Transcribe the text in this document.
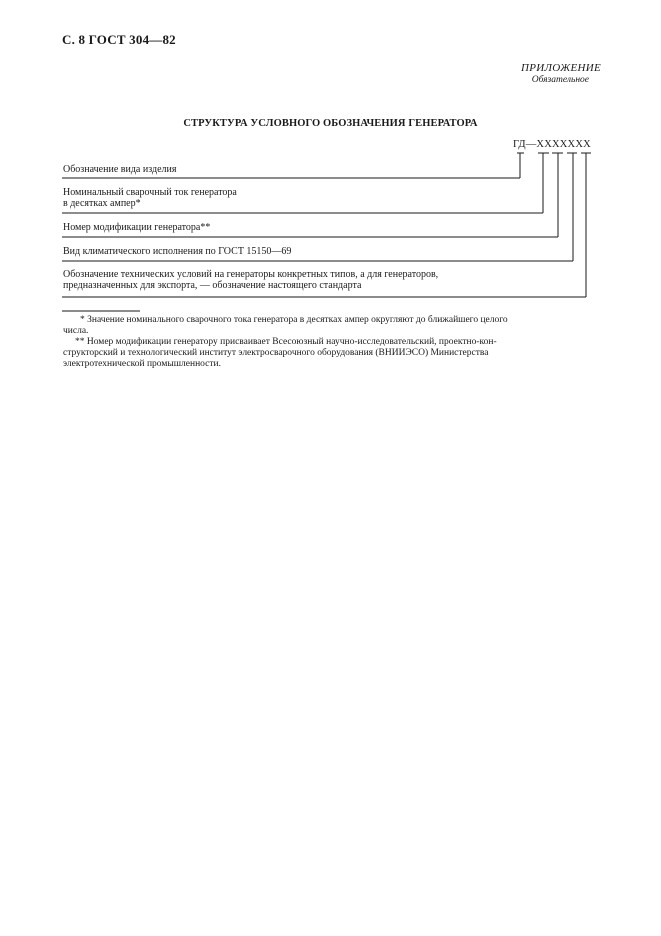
С. 8 ГОСТ 304—82
ПРИЛОЖЕНИЕ
Обязательное
СТРУКТУРА УСЛОВНОГО ОБОЗНАЧЕНИЯ ГЕНЕРАТОРА
ГД—XXXXXXX
Обозначение вида изделия
Номинальный сварочный ток генератора
в десятках ампер*
Номер модификации генератора**
Вид климатического исполнения по ГОСТ 15150—69
Обозначение технических условий на генераторы конкретных типов, а для генераторов,
предназначенных для экспорта, — обозначение настоящего стандарта
* Значение номинального сварочного тока генератора в десятках ампер округляют до ближайшего целого
числа.
** Номер модификации генератору присваивает Всесоюзный научно-исследовательский, проектно-кон-
структорский и технологический институт электросварочного оборудования (ВНИИЭСО) Министерства
электротехнической промышленности.
